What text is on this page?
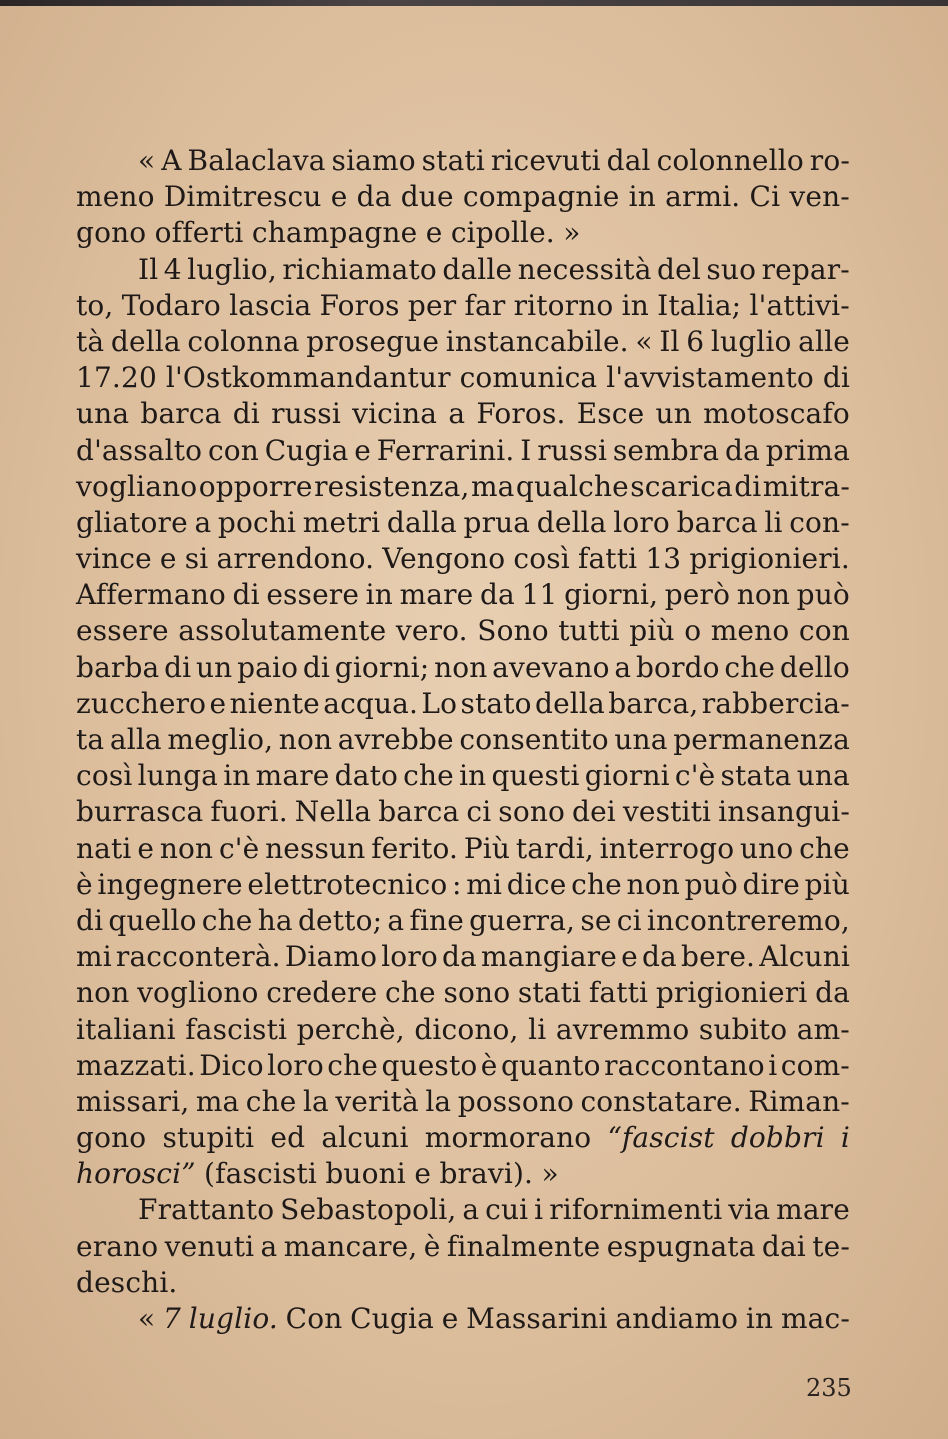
« A Balaclava siamo stati ricevuti dal colonnello ro-
meno Dimitrescu e da due compagnie in armi. Ci ven-
gono offerti champagne e cipolle. »
Il 4 luglio, richiamato dalle necessità del suo repar-
to, Todaro lascia Foros per far ritorno in Italia; l'attivi-
tà della colonna prosegue instancabile. « Il 6 luglio alle
17.20 l'Ostkommandantur comunica l'avvistamento di
una barca di russi vicina a Foros. Esce un motoscafo
d'assalto con Cugia e Ferrarini. I russi sembra da prima
vogliano opporre resistenza, ma qualche scarica di mitra-
gliatore a pochi metri dalla prua della loro barca li con-
vince e si arrendono. Vengono così fatti 13 prigionieri.
Affermano di essere in mare da 11 giorni, però non può
essere assolutamente vero. Sono tutti più o meno con
barba di un paio di giorni; non avevano a bordo che dello
zucchero e niente acqua. Lo stato della barca, rabbercia-
ta alla meglio, non avrebbe consentito una permanenza
così lunga in mare dato che in questi giorni c'è stata una
burrasca fuori. Nella barca ci sono dei vestiti insangui-
nati e non c'è nessun ferito. Più tardi, interrogo uno che
è ingegnere elettrotecnico : mi dice che non può dire più
di quello che ha detto; a fine guerra, se ci incontreremo,
mi racconterà. Diamo loro da mangiare e da bere. Alcuni
non vogliono credere che sono stati fatti prigionieri da
italiani fascisti perchè, dicono, li avremmo subito am-
mazzati. Dico loro che questo è quanto raccontano i com-
missari, ma che la verità la possono constatare. Riman-
gono stupiti ed alcuni mormorano “fascist dobbri i
horosci” (fascisti buoni e bravi). »
Frattanto Sebastopoli, a cui i rifornimenti via mare
erano venuti a mancare, è finalmente espugnata dai te-
deschi.
« 7 luglio. Con Cugia e Massarini andiamo in mac-
235
